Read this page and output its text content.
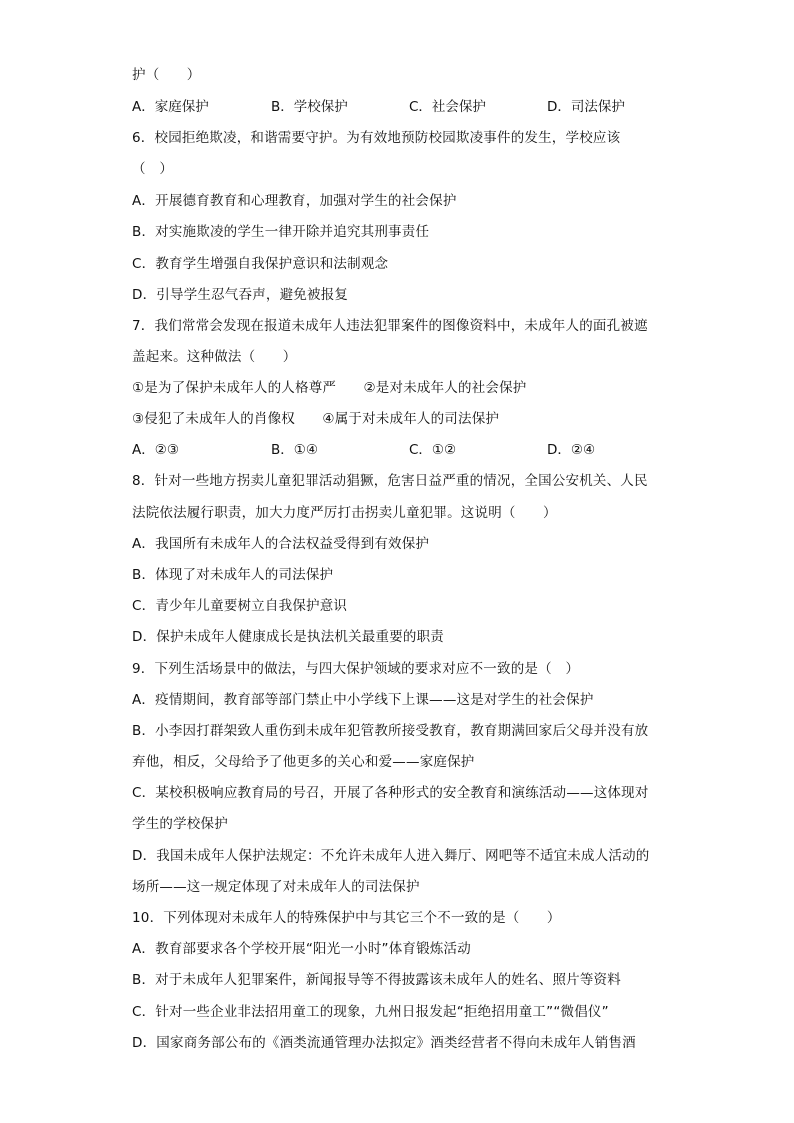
护（　　）
A．家庭保护	B．学校保护	C．社会保护	D．司法保护
6．校园拒绝欺凌，和谐需要守护。为有效地预防校园欺凌事件的发生，学校应该
（　）
A．开展德育教育和心理教育，加强对学生的社会保护
B．对实施欺凌的学生一律开除并追究其刑事责任
C．教育学生增强自我保护意识和法制观念
D．引导学生忍气吞声，避免被报复
7．我们常常会发现在报道未成年人违法犯罪案件的图像资料中，未成年人的面孔被遮
盖起来。这种做法（　　）
①是为了保护未成年人的人格尊严　　②是对未成年人的社会保护
③侵犯了未成年人的肖像权　　④属于对未成年人的司法保护
A．②③	B．①④	C．①②	D．②④
8．针对一些地方拐卖儿童犯罪活动猖獗，危害日益严重的情况，全国公安机关、人民
法院依法履行职责，加大力度严厉打击拐卖儿童犯罪。这说明（　　）
A．我国所有未成年人的合法权益受得到有效保护
B．体现了对未成年人的司法保护
C．青少年儿童要树立自我保护意识
D．保护未成年人健康成长是执法机关最重要的职责
9．下列生活场景中的做法，与四大保护领域的要求对应不一致的是（　）
A．疫情期间，教育部等部门禁止中小学线下上课——这是对学生的社会保护
B．小李因打群架致人重伤到未成年犯管教所接受教育，教育期满回家后父母并没有放
弃他，相反，父母给予了他更多的关心和爱——家庭保护
C．某校积极响应教育局的号召，开展了各种形式的安全教育和演练活动——这体现对
学生的学校保护
D．我国未成年人保护法规定：不允许未成年人进入舞厅、网吧等不适宜未成人活动的
场所——这一规定体现了对未成年人的司法保护
10．下列体现对未成年人的特殊保护中与其它三个不一致的是（　　）
A．教育部要求各个学校开展“阳光一小时”体育锻炼活动
B．对于未成年人犯罪案件，新闻报导等不得披露该未成年人的姓名、照片等资料
C．针对一些企业非法招用童工的现象，九州日报发起“拒绝招用童工”“微倡仪”
D．国家商务部公布的《酒类流通管理办法拟定》酒类经营者不得向未成年人销售酒
